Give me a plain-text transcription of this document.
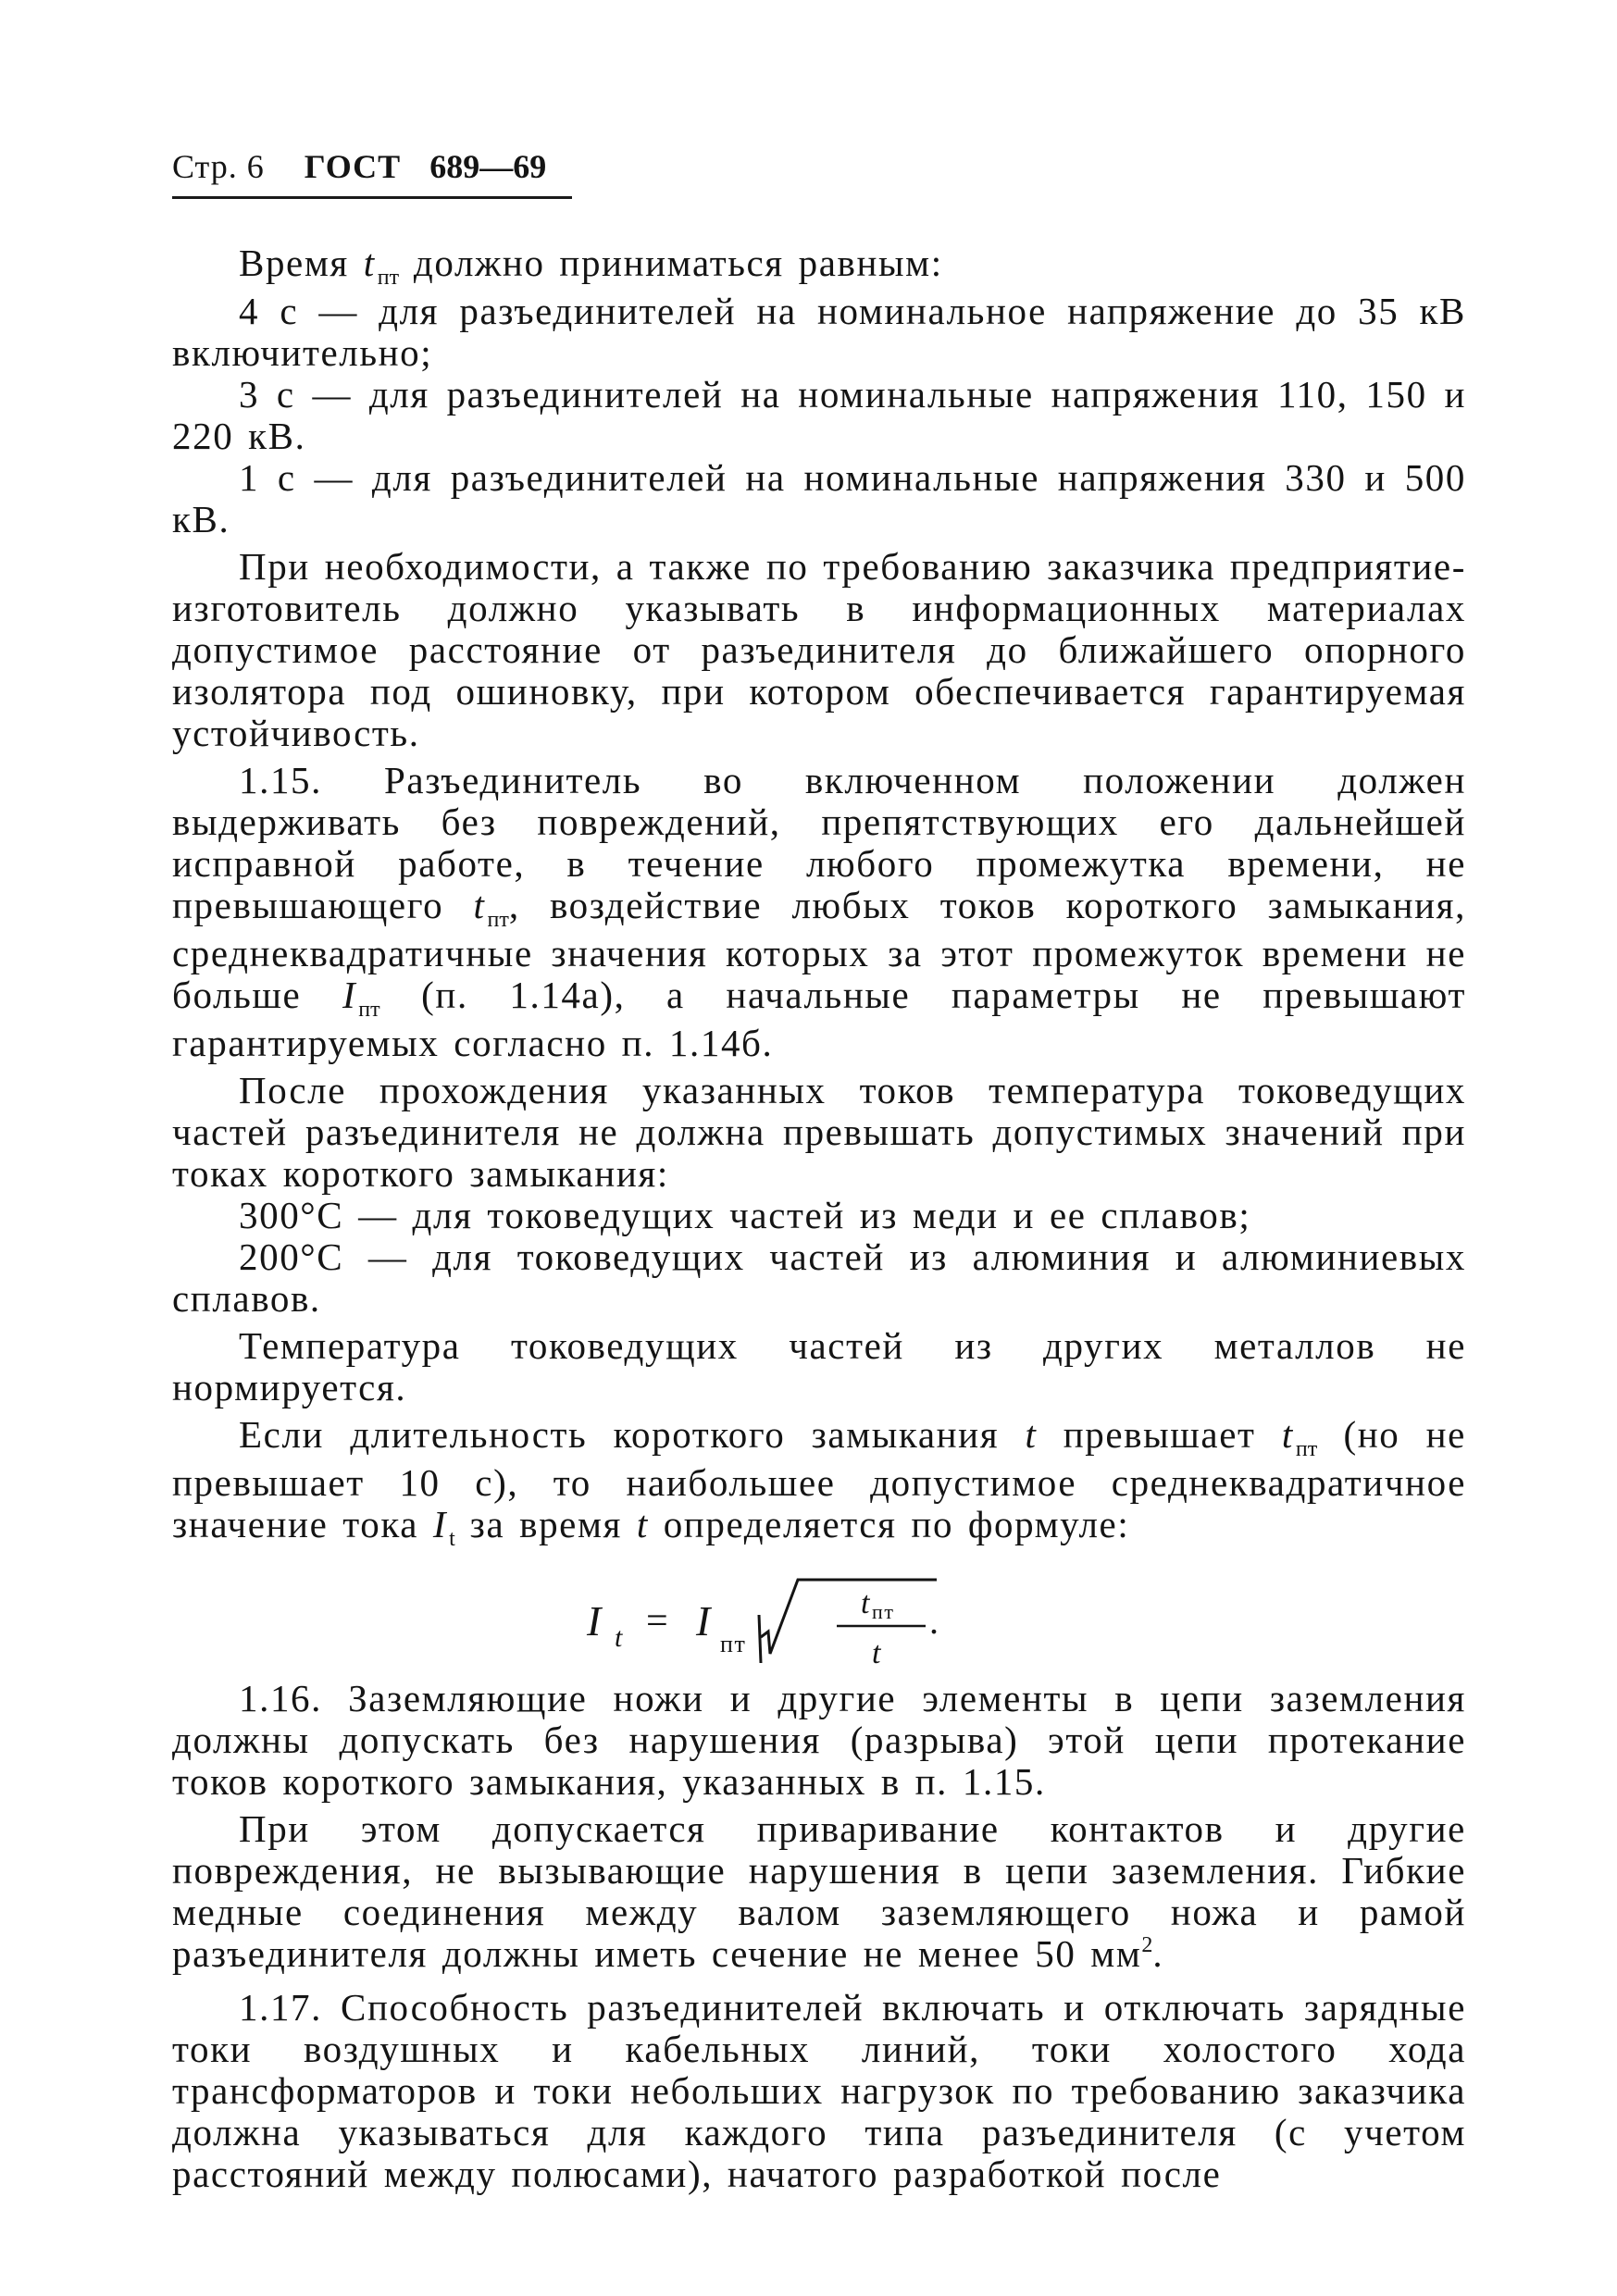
Стр. 6 ГОСТ 689—69

Время $t_{пт}$ должно приниматься равным:

4 с — для разъединителей на номинальное напряжение до 35 кВ включительно;

3 с — для разъединителей на номинальные напряжения 110, 150 и 220 кВ.

1 с — для разъединителей на номинальные напряжения 330 и 500 кВ.

При необходимости, а также по требованию заказчика предприятие-изготовитель должно указывать в информационных материалах допустимое расстояние от разъединителя до ближайшего опорного изолятора под ошиновку, при котором обеспечивается гарантируемая устойчивость.

1.15. Разъединитель во включенном положении должен выдерживать без повреждений, препятствующих его дальнейшей исправной работе, в течение любого промежутка времени, не превышающего $t_{пт}$, воздействие любых токов короткого замыкания, среднеквадратичные значения которых за этот промежуток времени не больше $I_{пт}$ (п. 1.14а), а начальные параметры не превышают гарантируемых согласно п. 1.14б.

После прохождения указанных токов температура токоведущих частей разъединителя не должна превышать допустимых значений при токах короткого замыкания:

300°С — для токоведущих частей из меди и ее сплавов;

200°С — для токоведущих частей из алюминия и алюминиевых сплавов.

Температура токоведущих частей из других металлов не нормируется.

Если длительность короткого замыкания t превышает $t_{пт}$ (но не превышает 10 с), то наибольшее допустимое среднеквадратичное значение тока $I_t$ за время t определяется по формуле:

I t = I пт
t пт
t
.

1.16. Заземляющие ножи и другие элементы в цепи заземления должны допускать без нарушения (разрыва) этой цепи протекание токов короткого замыкания, указанных в п. 1.15.

При этом допускается приваривание контактов и другие повреждения, не вызывающие нарушения в цепи заземления. Гибкие медные соединения между валом заземляющего ножа и рамой разъединителя должны иметь сечение не менее 50 $мм^2$.

1.17. Способность разъединителей включать и отключать зарядные токи воздушных и кабельных линий, токи холостого хода трансформаторов и токи небольших нагрузок по требованию заказчика должна указываться для каждого типа разъединителя (с учетом расстояний между полюсами), начатого разработкой после
